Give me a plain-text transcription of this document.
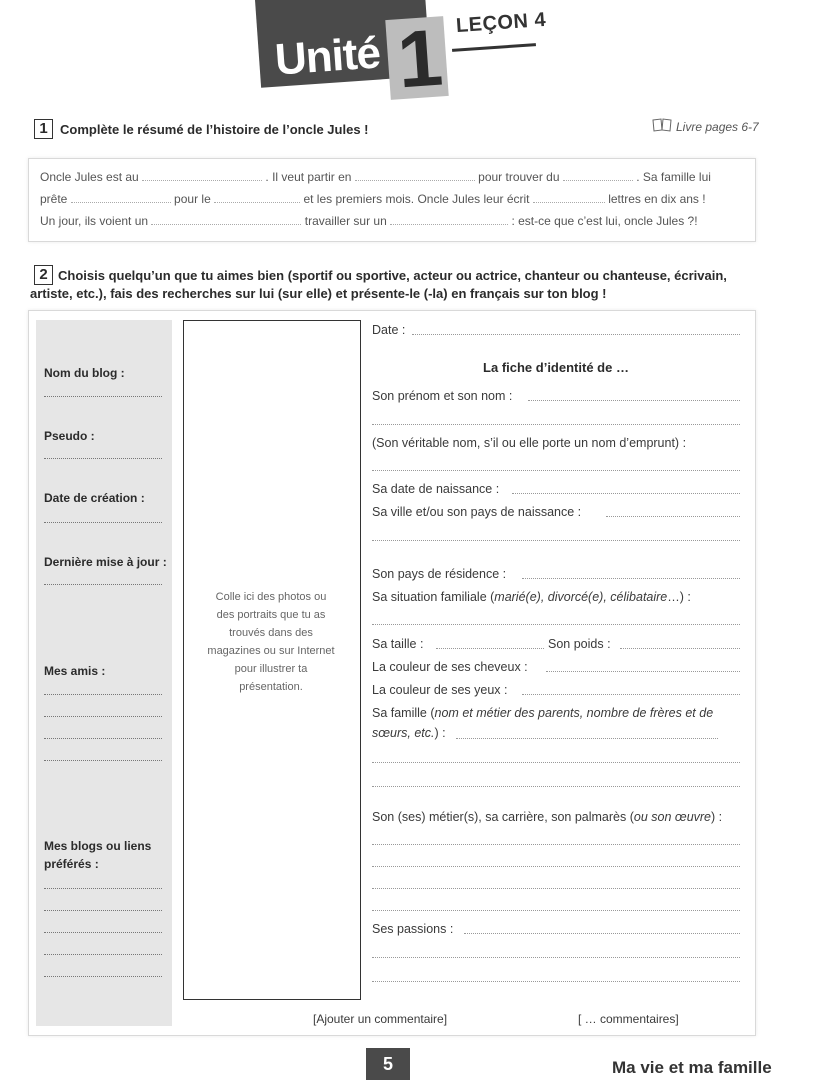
Unité 1 LEÇON 4
1 Complète le résumé de l’histoire de l’oncle Jules !	Livre pages 6-7
Oncle Jules est au	. Il veut partir en	pour trouver du	. Sa famille lui
prête	pour le	et les premiers mois. Oncle Jules leur écrit	lettres en dix ans !
Un jour, ils voient un	travailler sur un	: est-ce que c’est lui, oncle Jules ?!
2 Choisis quelqu’un que tu aimes bien (sportif ou sportive, acteur ou actrice, chanteur ou chanteuse, écrivain,
artiste, etc.), fais des recherches sur lui (sur elle) et présente-le (-la) en français sur ton blog !
Nom du blog :
Pseudo :
Date de création :
Dernière mise à jour :
Mes amis :
Mes blogs ou liens
préférés :
Colle ici des photos ou
des portraits que tu as
trouvés dans des
magazines ou sur Internet
pour illustrer ta
présentation.
Date :
La fiche d’identité de …
Son prénom et son nom :
(Son véritable nom, s’il ou elle porte un nom d’emprunt) :
Sa date de naissance :
Sa ville et/ou son pays de naissance :
Son pays de résidence :
Sa situation familiale (marié(e), divorcé(e), célibataire…) :
Sa taille :	Son poids :
La couleur de ses cheveux :
La couleur de ses yeux :
Sa famille (nom et métier des parents, nombre de frères et de
sœurs, etc.) :
Son (ses) métier(s), sa carrière, son palmarès (ou son œuvre) :
Ses passions :
[Ajouter un commentaire]	[ … commentaires]
5	Ma vie et ma famille
